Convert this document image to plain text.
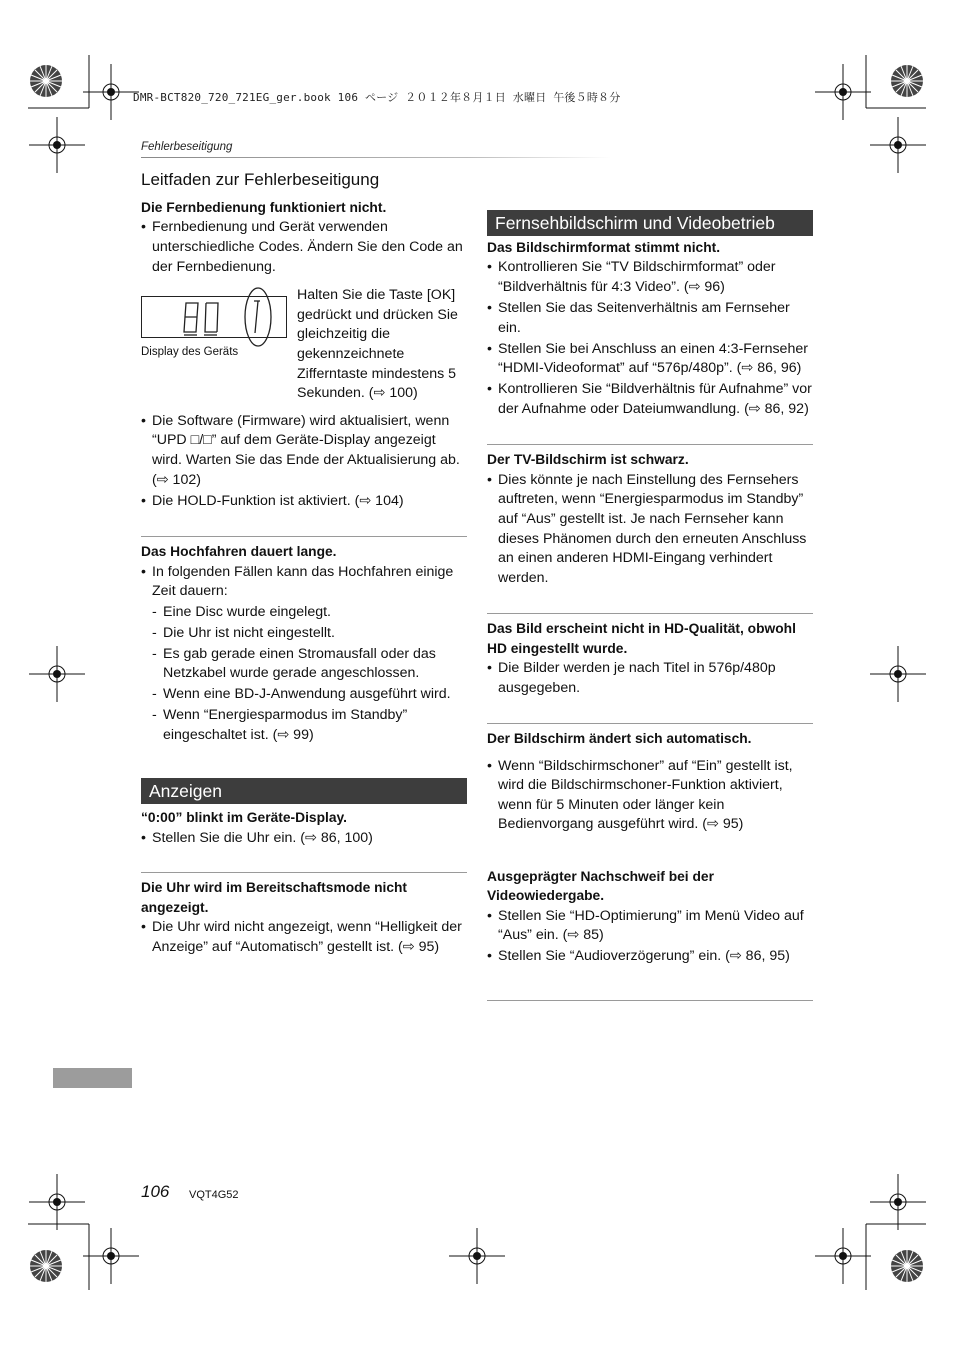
DMR-BCT820_720_721EG_ger.book 106 ページ ２０１２年８月１日 水曜日 午後５時８分
Fehlerbeseitigung
Leitfaden zur Fehlerbeseitigung

Die Fernbedienung funktioniert nicht.

• Fernbedienung und Gerät verwenden unterschiedliche Codes. Ändern Sie den Code an der Fernbedienung.
Display des Geräts
Halten Sie die Taste [OK] gedrückt und drücken Sie gleichzeitig die gekennzeichnete Zifferntaste mindestens 5 Sekunden. (⇨ 100)
• Die Software (Firmware) wird aktualisiert, wenn “UPD □/□” auf dem Geräte-Display angezeigt wird. Warten Sie das Ende der Aktualisierung ab. (⇨ 102)
• Die HOLD-Funktion ist aktiviert. (⇨ 104)

Das Hochfahren dauert lange.

• In folgenden Fällen kann das Hochfahren einige Zeit dauern:
- Eine Disc wurde eingelegt.
- Die Uhr ist nicht eingestellt.
- Es gab gerade einen Stromausfall oder das Netzkabel wurde gerade angeschlossen.
- Wenn eine BD-J-Anwendung ausgeführt wird.
- Wenn “Energiesparmodus im Standby” eingeschaltet ist. (⇨ 99)
Anzeigen

“0:00” blinkt im Geräte-Display.

• Stellen Sie die Uhr ein. (⇨ 86, 100)

Die Uhr wird im Bereitschaftsmode nicht angezeigt.

• Die Uhr wird nicht angezeigt, wenn “Helligkeit der Anzeige” auf “Automatisch” gestellt ist. (⇨ 95)
Fernsehbildschirm und Videobetrieb

Das Bildschirmformat stimmt nicht.

• Kontrollieren Sie “TV Bildschirmformat” oder “Bildverhältnis für 4:3 Video”. (⇨ 96)
• Stellen Sie das Seitenverhältnis am Fernseher ein.
• Stellen Sie bei Anschluss an einen 4:3-Fernseher “HDMI-Videoformat” auf “576p/480p”. (⇨ 86, 96)
• Kontrollieren Sie “Bildverhältnis für Aufnahme” vor der Aufnahme oder Dateiumwandlung. (⇨ 86, 92)

Der TV-Bildschirm ist schwarz.

• Dies könnte je nach Einstellung des Fernsehers auftreten, wenn “Energiesparmodus im Standby” auf “Aus” gestellt ist. Je nach Fernseher kann dieses Phänomen durch den erneuten Anschluss an einen anderen HDMI-Eingang verhindert werden.

Das Bild erscheint nicht in HD-Qualität, obwohl HD eingestellt wurde.

• Die Bilder werden je nach Titel in 576p/480p ausgegeben.

Der Bildschirm ändert sich automatisch.

• Wenn “Bildschirmschoner” auf “Ein” gestellt ist, wird die Bildschirmschoner-Funktion aktiviert, wenn für 5 Minuten oder länger kein Bedienvorgang ausgeführt wird. (⇨ 95)

Ausgeprägter Nachschweif bei der Videowiedergabe.

• Stellen Sie “HD-Optimierung” im Menü Video auf “Aus” ein. (⇨ 85)
• Stellen Sie “Audioverzögerung” ein. (⇨ 86, 95)
106 VQT4G52
